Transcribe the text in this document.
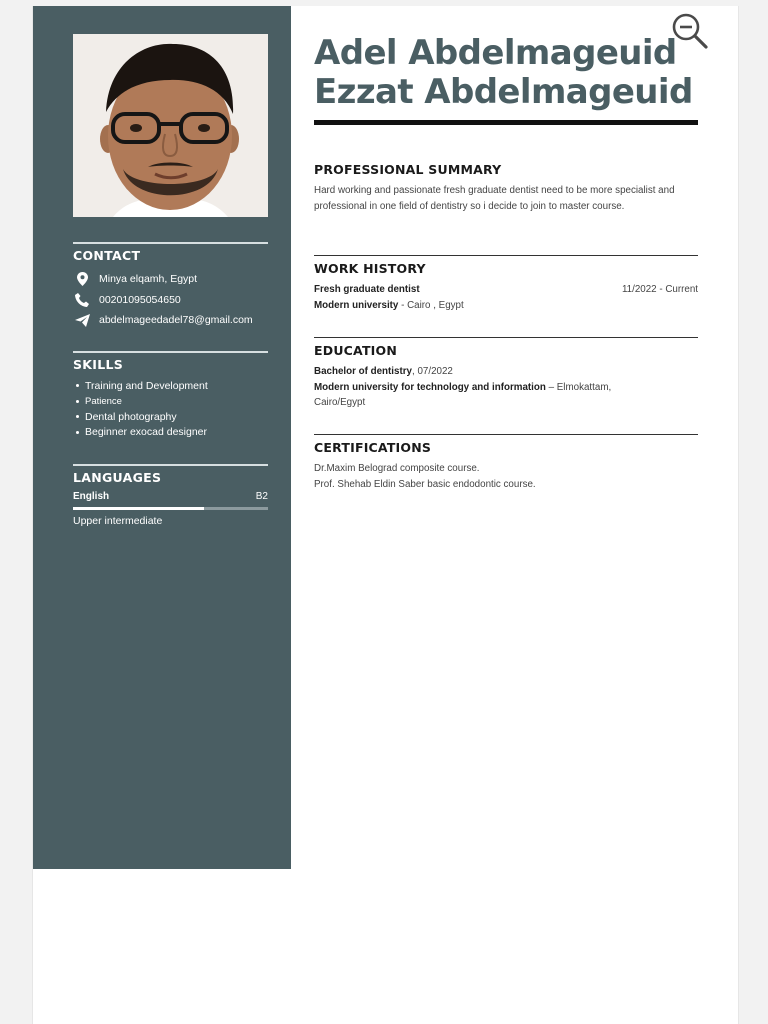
CONTACT
Minya elqamh, Egypt
00201095054650
abdelmageedadel78@gmail.com
SKILLS
Training and Development
Patience
Dental photography
Beginner exocad designer
LANGUAGES
English	B2
Upper intermediate
Adel Abdelmageuid
Ezzat Abdelmageuid
PROFESSIONAL SUMMARY
Hard working and passionate fresh graduate dentist need to be more specialist and professional in one field of dentistry so i decide to join to master course.
WORK HISTORY
Fresh graduate dentist	11/2022 - Current
Modern university - Cairo , Egypt
EDUCATION
Bachelor of dentistry, 07/2022
Modern university for technology and information – Elmokattam,
Cairo/Egypt
CERTIFICATIONS
Dr.Maxim Belograd composite course.
Prof. Shehab Eldin Saber basic endodontic course.
